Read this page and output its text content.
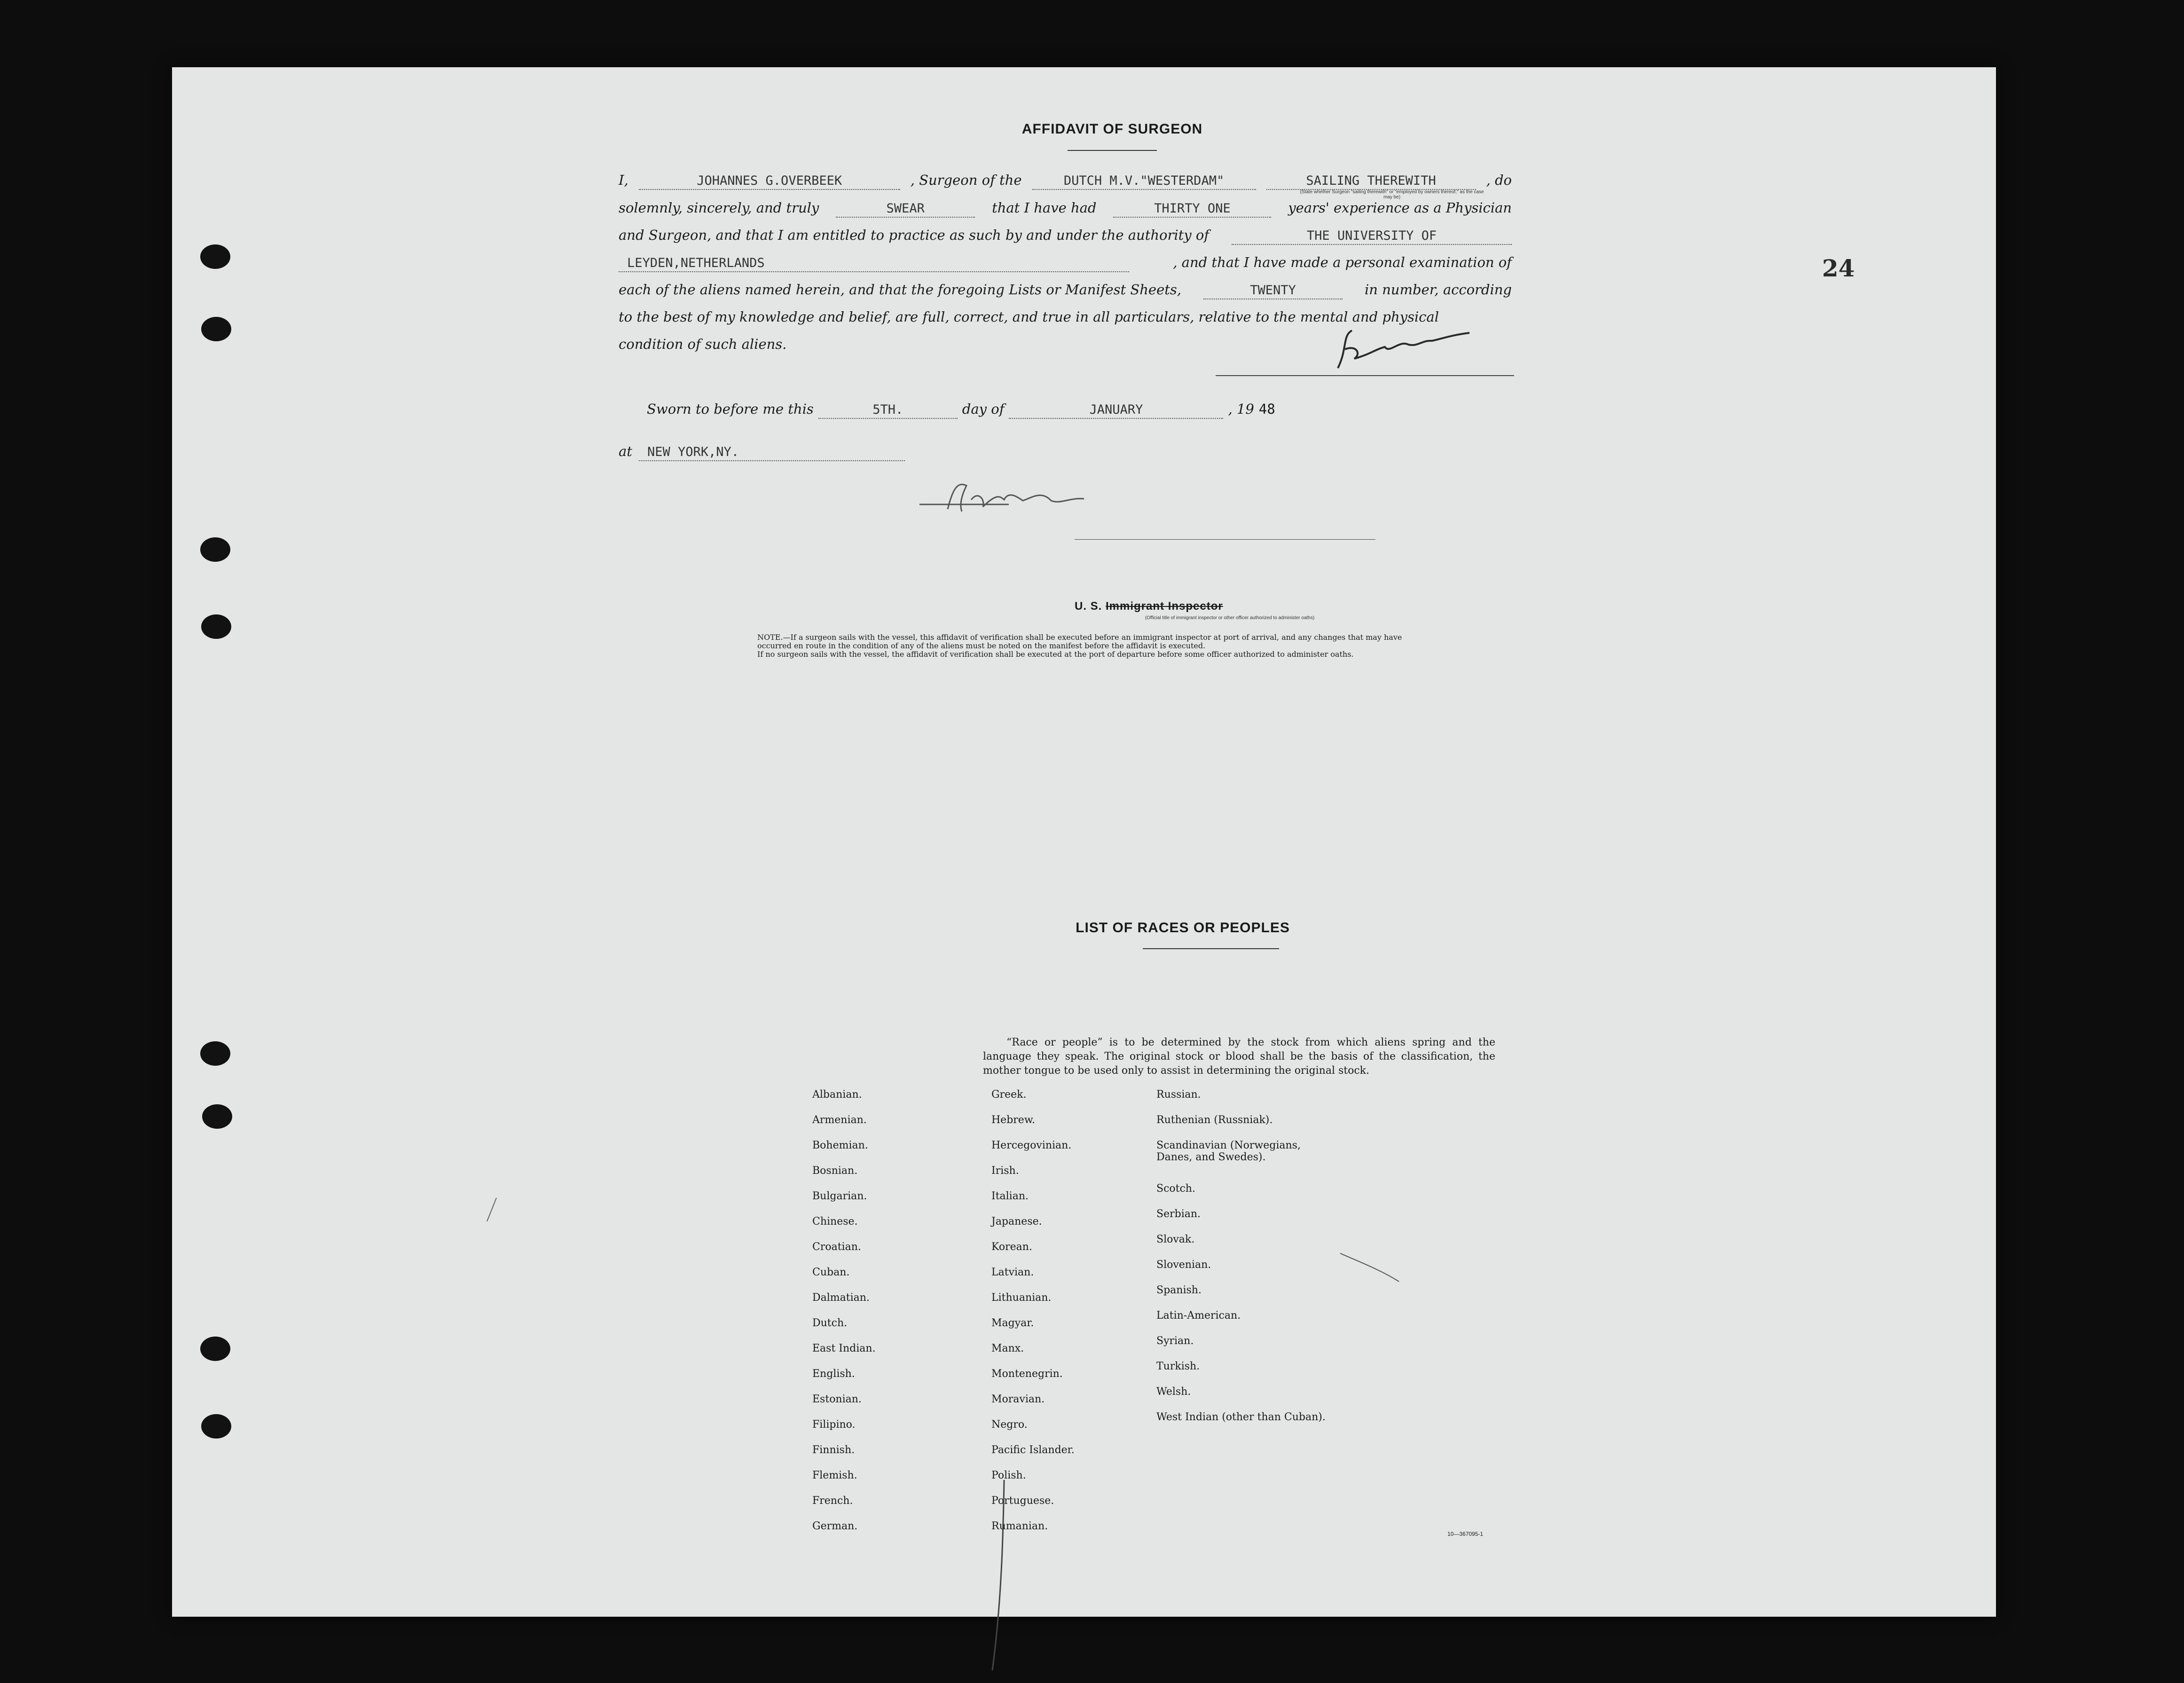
24
AFFIDAVIT OF SURGEON
I,	JOHANNES G.OVERBEEK	, Surgeon of the	DUTCH M.V."WESTERDAM"	SAILING THEREWITH	, do
(State whether Surgeon "sailing therewith" or "employed by owners thereof," as the case may be)
solemnly, sincerely, and truly	SWEAR	that I have had	THIRTY ONE	years' experience as a Physician
and Surgeon, and that I am entitled to practice as such by and under the authority of	THE UNIVERSITY OF
LEYDEN,NETHERLANDS	, and that I have made a personal examination of
each of the aliens named herein, and that the foregoing Lists or Manifest Sheets,	TWENTY	in number, according
to the best of my knowledge and belief, are full, correct, and true in all particulars, relative to the mental and physical
condition of such aliens.
Sworn to before me this	5TH.	day of	JANUARY	, 19 48
at	NEW YORK,NY.
U. S. Immigrant Inspector
(Official title of immigrant inspector or other officer authorized to administer oaths)

NOTE.—If a surgeon sails with the vessel, this affidavit of verification shall be executed before an immigrant inspector at port of arrival, and any changes that may have

occurred en route in the condition of any of the aliens must be noted on the manifest before the affidavit is executed.

If no surgeon sails with the vessel, the affidavit of verification shall be executed at the port of departure before some officer authorized to administer oaths.

LIST OF RACES OR PEOPLES

“Race or people” is to be determined by the stock from which aliens spring and the language they speak. The original stock or blood shall be the basis of the classification, the mother tongue to be used only to assist in determining the original stock.

Albanian.
Armenian.
Bohemian.
Bosnian.
Bulgarian.
Chinese.
Croatian.
Cuban.
Dalmatian.
Dutch.
East Indian.
English.
Estonian.
Filipino.
Finnish.
Flemish.
French.
German.
Greek.
Hebrew.
Hercegovinian.
Irish.
Italian.
Japanese.
Korean.
Latvian.
Lithuanian.
Magyar.
Manx.
Montenegrin.
Moravian.
Negro.
Pacific Islander.
Polish.
Portuguese.
Rumanian.
Russian.
Ruthenian (Russniak).
Scandinavian (Norwegians, Danes, and Swedes).
Scotch.
Serbian.
Slovak.
Slovenian.
Spanish.
Latin-American.
Syrian.
Turkish.
Welsh.
West Indian (other than Cuban).
10—367095-1
